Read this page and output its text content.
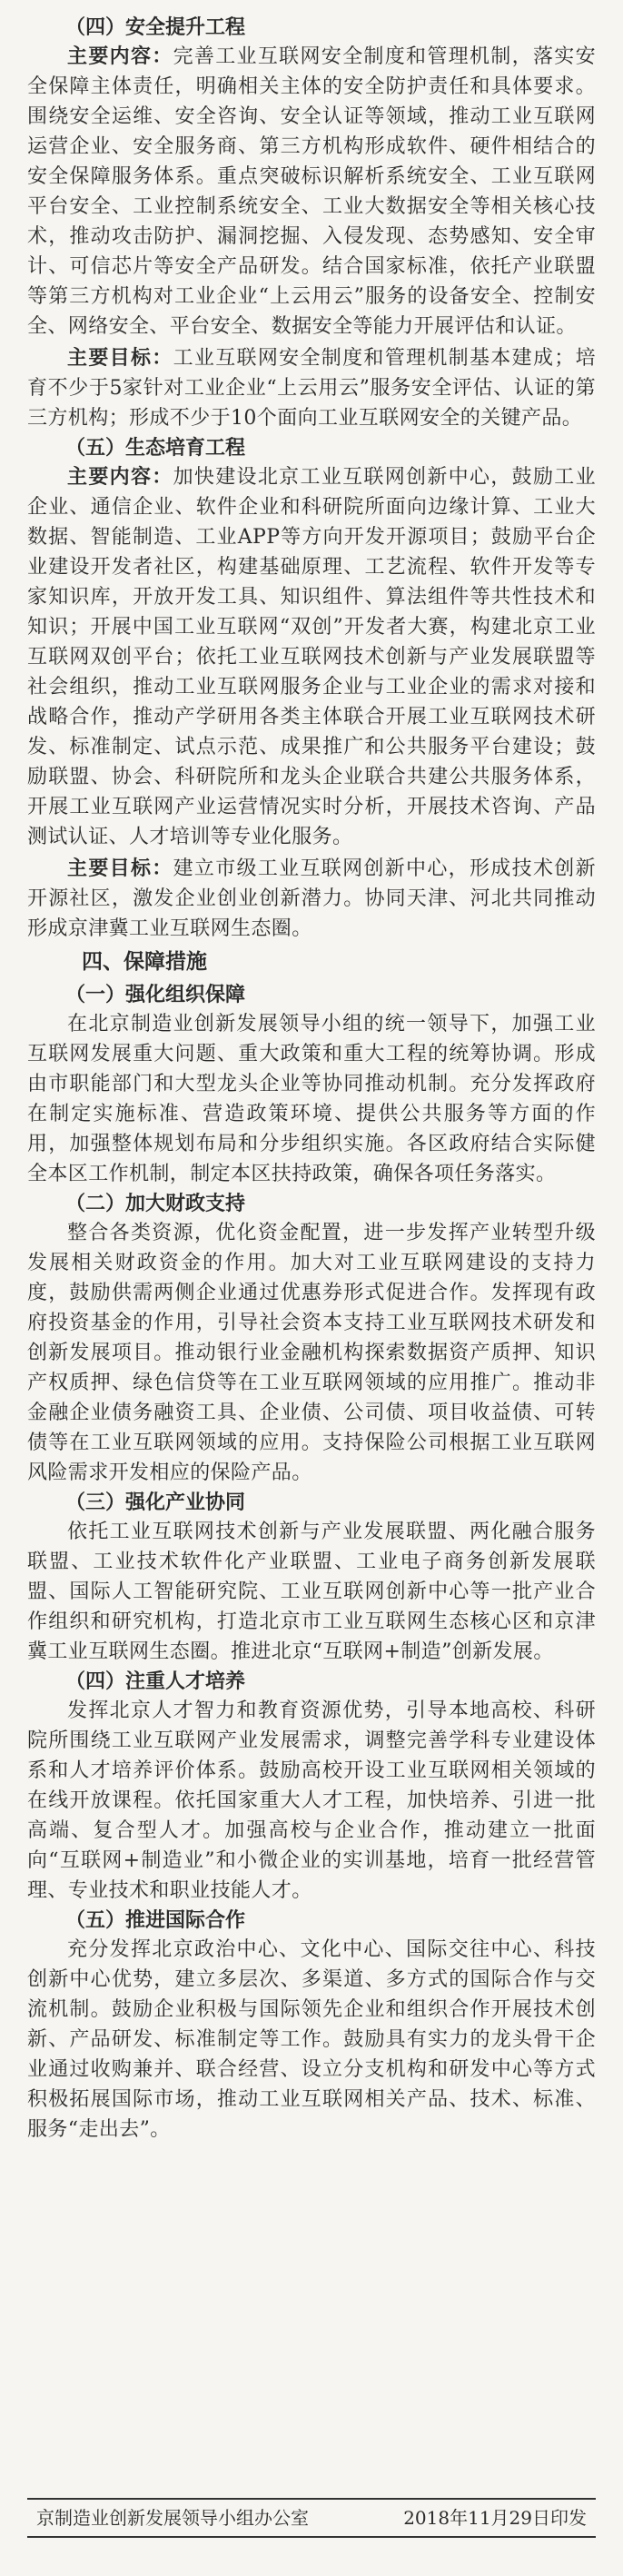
（四）安全提升工程

主要内容：完善工业互联网安全制度和管理机制，落实安全保障主体责任，明确相关主体的安全防护责任和具体要求。围绕安全运维、安全咨询、安全认证等领域，推动工业互联网运营企业、安全服务商、第三方机构形成软件、硬件相结合的安全保障服务体系。重点突破标识解析系统安全、工业互联网平台安全、工业控制系统安全、工业大数据安全等相关核心技术，推动攻击防护、漏洞挖掘、入侵发现、态势感知、安全审计、可信芯片等安全产品研发。结合国家标准，依托产业联盟等第三方机构对工业企业“上云用云”服务的设备安全、控制安全、网络安全、平台安全、数据安全等能力开展评估和认证。

主要目标：工业互联网安全制度和管理机制基本建成；培育不少于5家针对工业企业“上云用云”服务安全评估、认证的第三方机构；形成不少于10个面向工业互联网安全的关键产品。

（五）生态培育工程

主要内容：加快建设北京工业互联网创新中心，鼓励工业企业、通信企业、软件企业和科研院所面向边缘计算、工业大数据、智能制造、工业APP等方向开发开源项目；鼓励平台企业建设开发者社区，构建基础原理、工艺流程、软件开发等专家知识库，开放开发工具、知识组件、算法组件等共性技术和知识；开展中国工业互联网“双创”开发者大赛，构建北京工业互联网双创平台；依托工业互联网技术创新与产业发展联盟等社会组织，推动工业互联网服务企业与工业企业的需求对接和战略合作，推动产学研用各类主体联合开展工业互联网技术研发、标准制定、试点示范、成果推广和公共服务平台建设；鼓励联盟、协会、科研院所和龙头企业联合共建公共服务体系，开展工业互联网产业运营情况实时分析，开展技术咨询、产品测试认证、人才培训等专业化服务。

主要目标：建立市级工业互联网创新中心，形成技术创新开源社区，激发企业创业创新潜力。协同天津、河北共同推动形成京津冀工业互联网生态圈。

四、保障措施

（一）强化组织保障

在北京制造业创新发展领导小组的统一领导下，加强工业互联网发展重大问题、重大政策和重大工程的统筹协调。形成由市职能部门和大型龙头企业等协同推动机制。充分发挥政府在制定实施标准、营造政策环境、提供公共服务等方面的作用，加强整体规划布局和分步组织实施。各区政府结合实际健全本区工作机制，制定本区扶持政策，确保各项任务落实。

（二）加大财政支持

整合各类资源，优化资金配置，进一步发挥产业转型升级发展相关财政资金的作用。加大对工业互联网建设的支持力度，鼓励供需两侧企业通过优惠券形式促进合作。发挥现有政府投资基金的作用，引导社会资本支持工业互联网技术研发和创新发展项目。推动银行业金融机构探索数据资产质押、知识产权质押、绿色信贷等在工业互联网领域的应用推广。推动非金融企业债务融资工具、企业债、公司债、项目收益债、可转债等在工业互联网领域的应用。支持保险公司根据工业互联网风险需求开发相应的保险产品。

（三）强化产业协同

依托工业互联网技术创新与产业发展联盟、两化融合服务联盟、工业技术软件化产业联盟、工业电子商务创新发展联盟、国际人工智能研究院、工业互联网创新中心等一批产业合作组织和研究机构，打造北京市工业互联网生态核心区和京津冀工业互联网生态圈。推进北京“互联网+制造”创新发展。

（四）注重人才培养

发挥北京人才智力和教育资源优势，引导本地高校、科研院所围绕工业互联网产业发展需求，调整完善学科专业建设体系和人才培养评价体系。鼓励高校开设工业互联网相关领域的在线开放课程。依托国家重大人才工程，加快培养、引进一批高端、复合型人才。加强高校与企业合作，推动建立一批面向“互联网+制造业”和小微企业的实训基地，培育一批经营管理、专业技术和职业技能人才。

（五）推进国际合作

充分发挥北京政治中心、文化中心、国际交往中心、科技创新中心优势，建立多层次、多渠道、多方式的国际合作与交流机制。鼓励企业积极与国际领先企业和组织合作开展技术创新、产品研发、标准制定等工作。鼓励具有实力的龙头骨干企业通过收购兼并、联合经营、设立分支机构和研发中心等方式积极拓展国际市场，推动工业互联网相关产品、技术、标准、服务“走出去”。

京制造业创新发展领导小组办公室	2018年11月29日印发
